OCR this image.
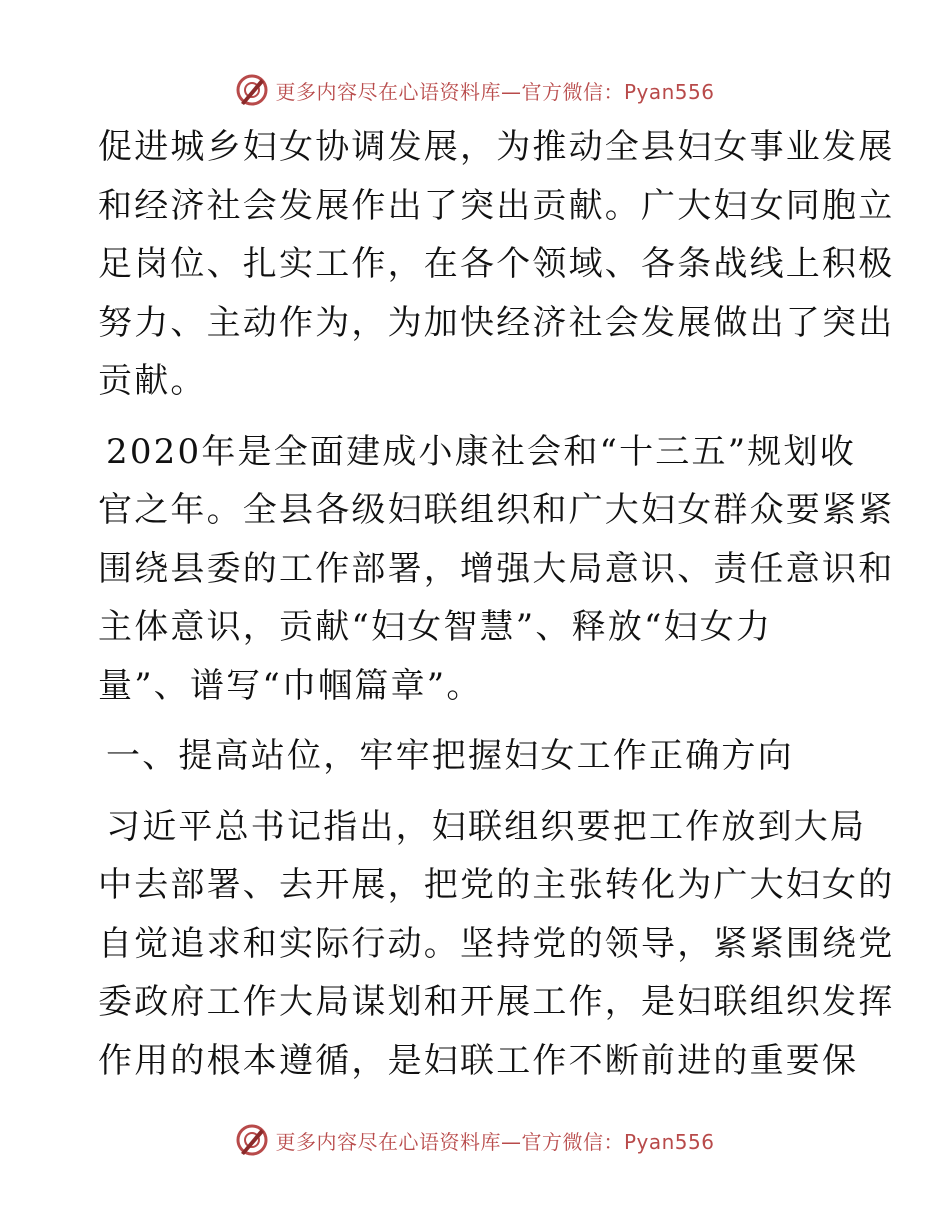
更多内容尽在心语资料库—官方微信：Pyan556

促进城乡妇女协调发展，为推动全县妇女事业发展
和经济社会发展作出了突出贡献。广大妇女同胞立
足岗位、扎实工作，在各个领域、各条战线上积极
努力、主动作为，为加快经济社会发展做出了突出
贡献。

2020年是全面建成小康社会和“十三五”规划收
官之年。全县各级妇联组织和广大妇女群众要紧紧
围绕县委的工作部署，增强大局意识、责任意识和
主体意识，贡献“妇女智慧”、释放“妇女力
量”、谱写“巾帼篇章”。

一、提高站位，牢牢把握妇女工作正确方向

习近平总书记指出，妇联组织要把工作放到大局
中去部署、去开展，把党的主张转化为广大妇女的
自觉追求和实际行动。坚持党的领导，紧紧围绕党
委政府工作大局谋划和开展工作，是妇联组织发挥
作用的根本遵循，是妇联工作不断前进的重要保

更多内容尽在心语资料库—官方微信：Pyan556
